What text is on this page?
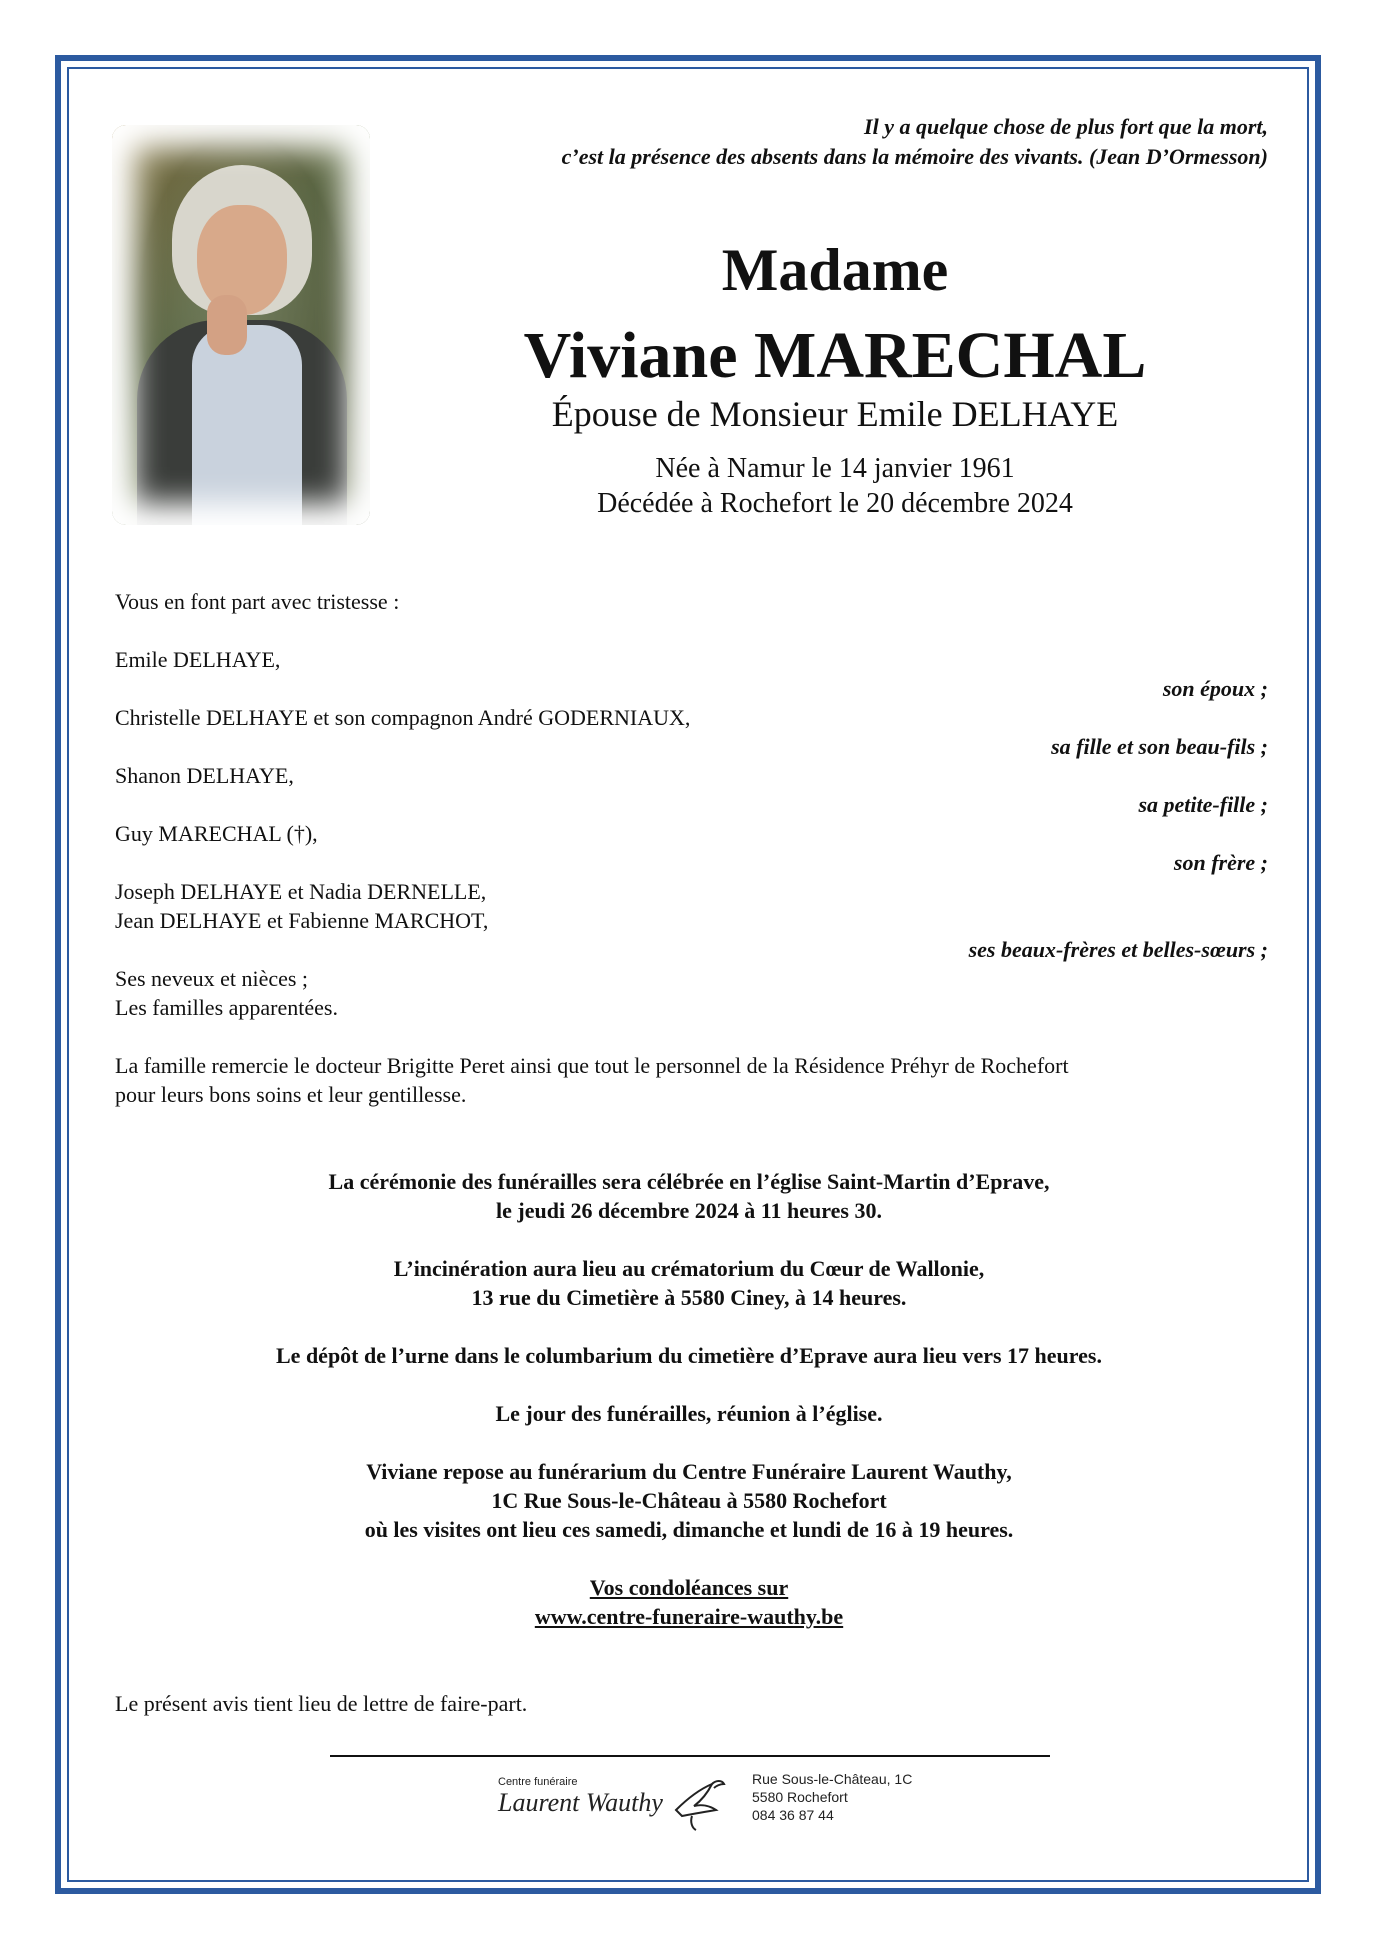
Il y a quelque chose de plus fort que la mort,
c’est la présence des absents dans la mémoire des vivants. (Jean D’Ormesson)
Madame
Viviane MARECHAL
Épouse de Monsieur Emile DELHAYE
Née à Namur le 14 janvier 1961
Décédée à Rochefort le 20 décembre 2024
Vous en font part avec tristesse :
Emile DELHAYE,
son époux ;
Christelle DELHAYE et son compagnon André GODERNIAUX,
sa fille et son beau-fils ;
Shanon DELHAYE,
sa petite-fille ;
Guy MARECHAL (†),
son frère ;
Joseph DELHAYE et Nadia DERNELLE,
Jean DELHAYE et Fabienne MARCHOT,
ses beaux-frères et belles-sœurs ;
Ses neveux et nièces ;
Les familles apparentées.
La famille remercie le docteur Brigitte Peret ainsi que tout le personnel de la Résidence Préhyr de Rochefort
pour leurs bons soins et leur gentillesse.
La cérémonie des funérailles sera célébrée en l’église Saint-Martin d’Eprave,
le jeudi 26 décembre 2024 à 11 heures 30.
L’incinération aura lieu au crématorium du Cœur de Wallonie,
13 rue du Cimetière à 5580 Ciney, à 14 heures.
Le dépôt de l’urne dans le columbarium du cimetière d’Eprave aura lieu vers 17 heures.
Le jour des funérailles, réunion à l’église.
Viviane repose au funérarium du Centre Funéraire Laurent Wauthy,
1C Rue Sous-le-Château à 5580 Rochefort
où les visites ont lieu ces samedi, dimanche et lundi de 16 à 19 heures.
Vos condoléances sur
www.centre-funeraire-wauthy.be
Le présent avis tient lieu de lettre de faire-part.
Centre funéraire
Laurent Wauthy
Rue Sous-le-Château, 1C
5580 Rochefort
084 36 87 44
